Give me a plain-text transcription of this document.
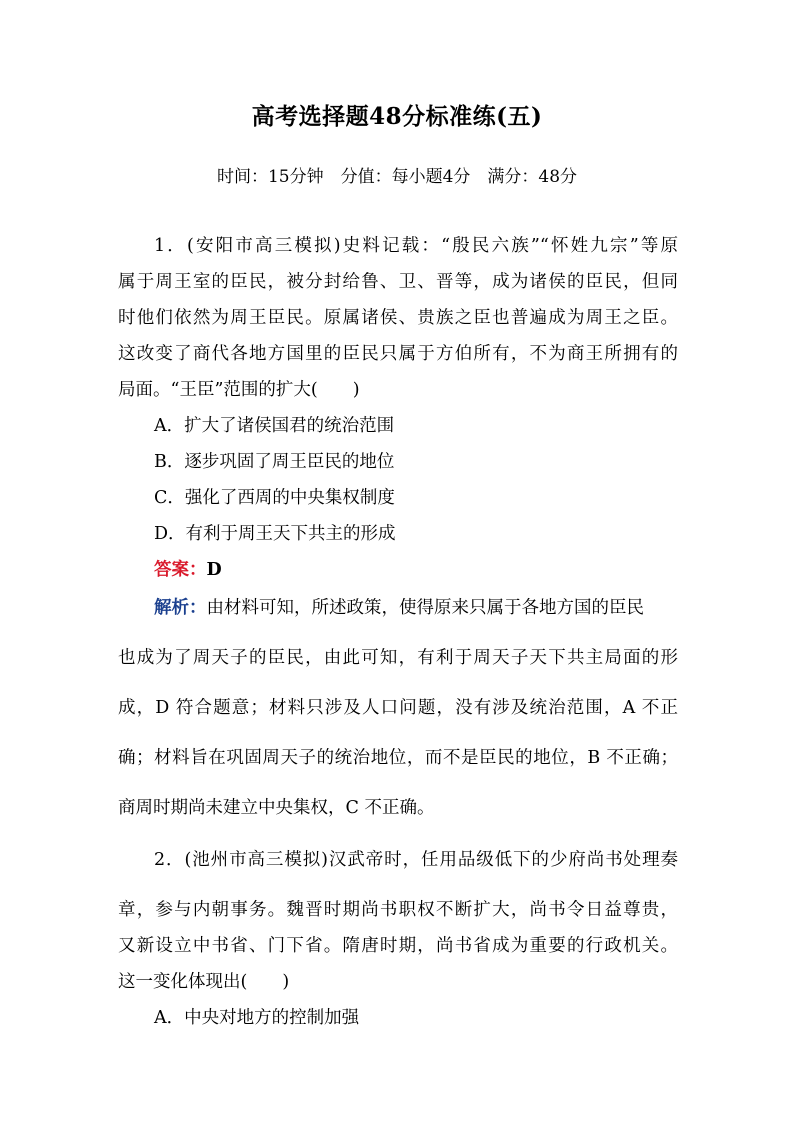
高考选择题48分标准练(五)
时间：15分钟　分值：每小题4分　满分：48分
1．(安阳市高三模拟)史料记载：“殷民六族”“怀姓九宗”等原
属于周王室的臣民，被分封给鲁、卫、晋等，成为诸侯的臣民，但同
时他们依然为周王臣民。原属诸侯、贵族之臣也普遍成为周王之臣。
这改变了商代各地方国里的臣民只属于方伯所有，不为商王所拥有的
局面。“王臣”范围的扩大(　　)
A．扩大了诸侯国君的统治范围
B．逐步巩固了周王臣民的地位
C．强化了西周的中央集权制度
D．有利于周王天下共主的形成
答案：D
解析：由材料可知，所述政策，使得原来只属于各地方国的臣民
也成为了周天子的臣民，由此可知，有利于周天子天下共主局面的形
成，D 符合题意；材料只涉及人口问题，没有涉及统治范围，A 不正
确；材料旨在巩固周天子的统治地位，而不是臣民的地位，B 不正确；
商周时期尚未建立中央集权，C 不正确。
2．(池州市高三模拟)汉武帝时，任用品级低下的少府尚书处理奏
章，参与内朝事务。魏晋时期尚书职权不断扩大，尚书令日益尊贵，
又新设立中书省、门下省。隋唐时期，尚书省成为重要的行政机关。
这一变化体现出(　　)
A．中央对地方的控制加强
